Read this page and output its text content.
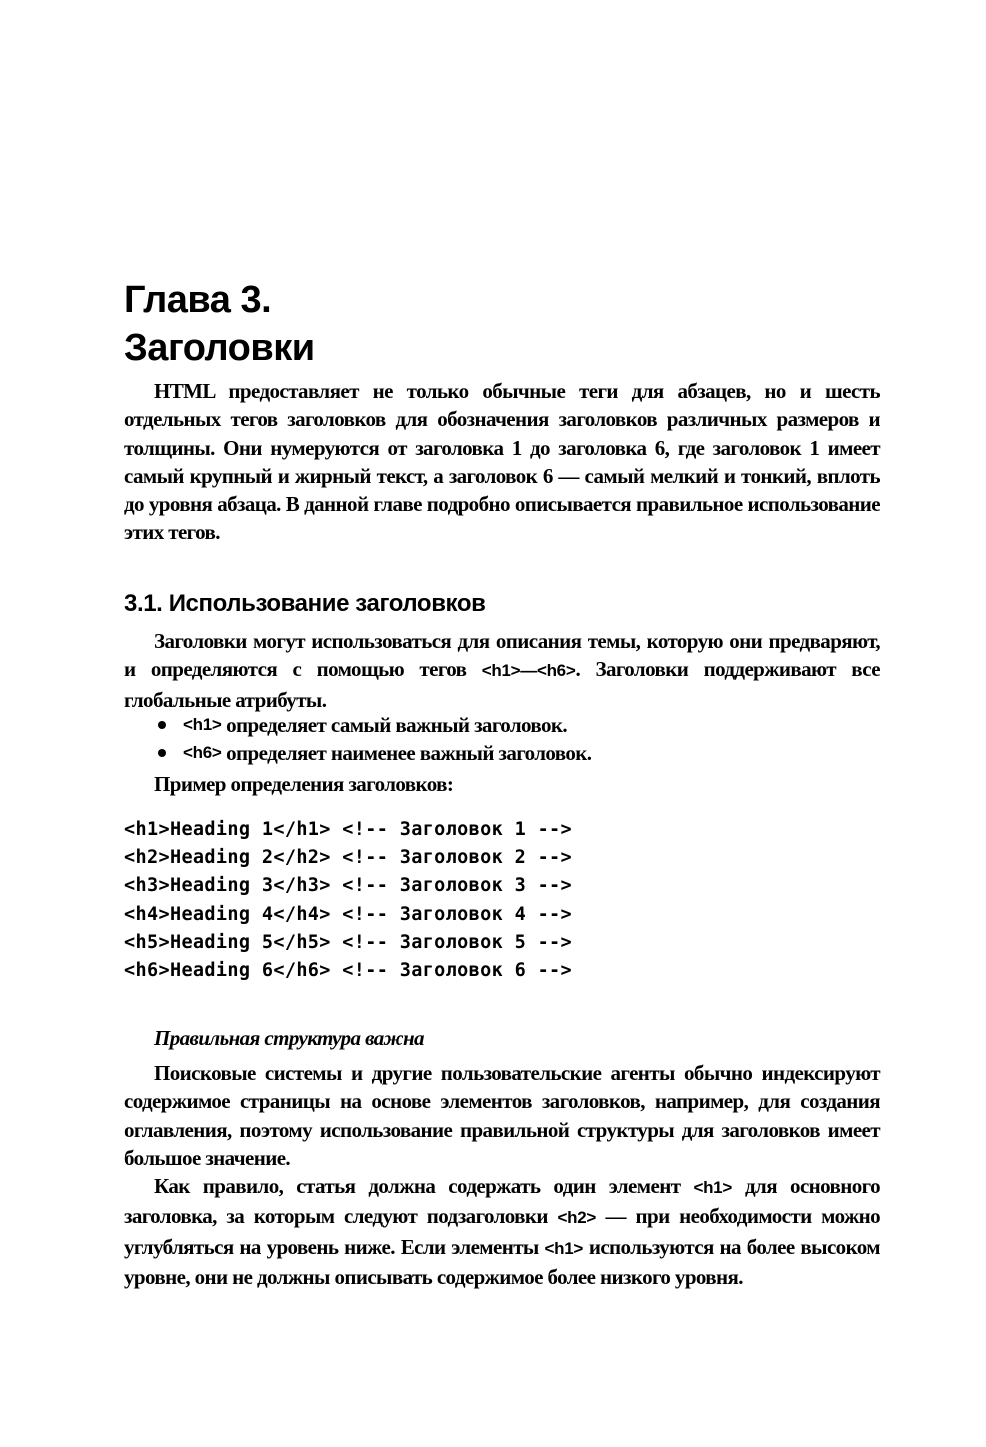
Глава 3.
Заголовки

HTML предоставляет не только обычные теги для абзацев, но и шесть отдельных тегов заголовков для обозначения заголовков различных размеров и толщины. Они нумеруются от заголовка 1 до заголовка 6, где заголовок 1 имеет самый крупный и жирный текст, а заголовок 6 — самый мелкий и тонкий, вплоть до уровня абзаца. В данной главе подробно описывается правильное использование этих тегов.

3.1. Использование заголовков

Заголовки могут использоваться для описания темы, которую они предваряют, и определяются с помощью тегов <h1>—<h6>. Заголовки поддерживают все глобальные атрибуты.

<h1> определяет самый важный заголовок.
<h6> определяет наименее важный заголовок.
Пример определения заголовков:
<h1>Heading 1</h1> <!-- Заголовок 1 -->
<h2>Heading 2</h2> <!-- Заголовок 2 -->
<h3>Heading 3</h3> <!-- Заголовок 3 -->
<h4>Heading 4</h4> <!-- Заголовок 4 -->
<h5>Heading 5</h5> <!-- Заголовок 5 -->
<h6>Heading 6</h6> <!-- Заголовок 6 -->
Правильная структура важна

Поисковые системы и другие пользовательские агенты обычно индексируют содержимое страницы на основе элементов заголовков, например, для создания оглавления, поэтому использование правильной структуры для заголовков имеет большое значение.

Как правило, статья должна содержать один элемент <h1> для основного заголовка, за которым следуют подзаголовки <h2> — при необходимости можно углубляться на уровень ниже. Если элементы <h1> используются на более высоком уровне, они не должны описывать содержимое более низкого уровня.
